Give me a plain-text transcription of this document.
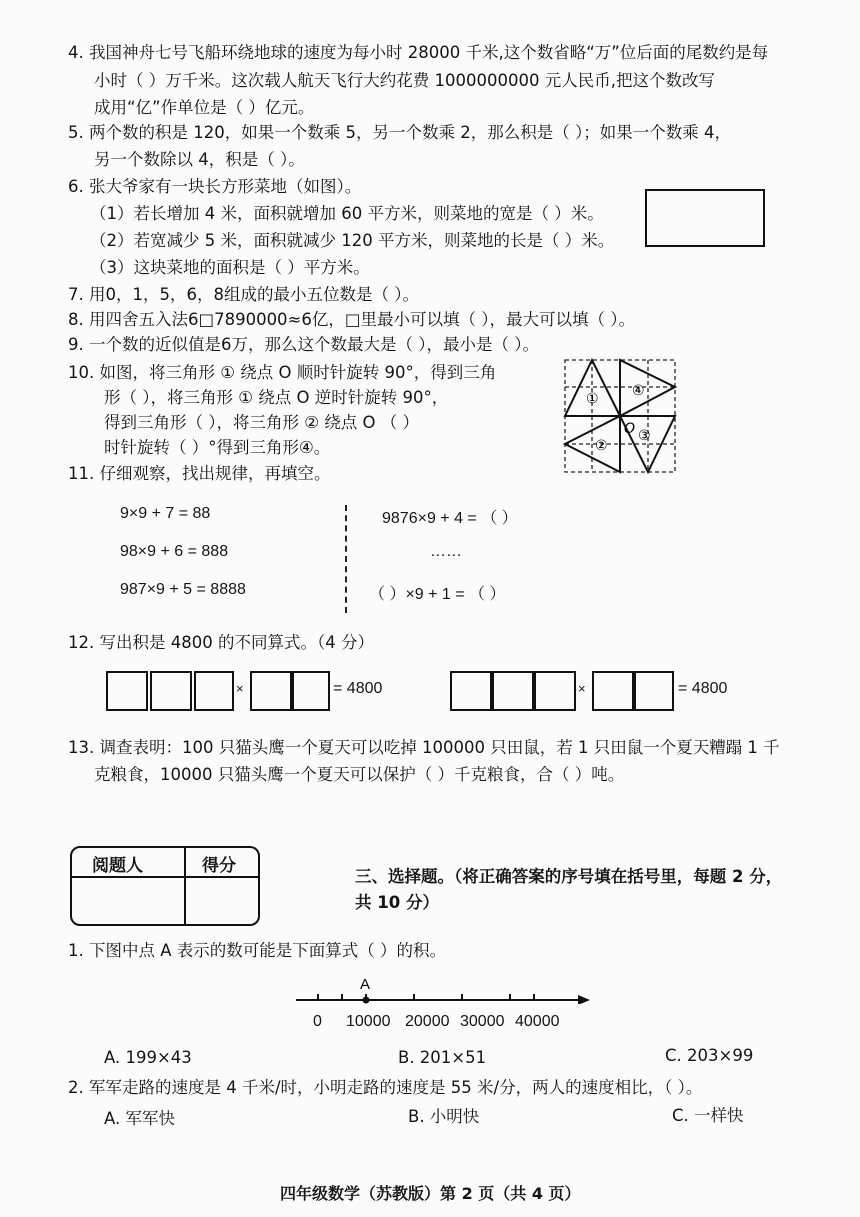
4. 我国神舟七号飞船环绕地球的速度为每小时 28000 千米,这个数省略“万”位后面的尾数约是每
小时（ ）万千米。这次载人航天飞行大约花费 1000000000 元人民币,把这个数改写
成用“亿”作单位是（ ）亿元。
5. 两个数的积是 120，如果一个数乘 5，另一个数乘 2，那么积是（ ）；如果一个数乘 4，
另一个数除以 4，积是（ ）。
6. 张大爷家有一块长方形菜地（如图）。
（1）若长增加 4 米，面积就增加 60 平方米，则菜地的宽是（ ）米。
（2）若宽减少 5 米，面积就减少 120 平方米，则菜地的长是（ ）米。
（3）这块菜地的面积是（ ）平方米。
7. 用0，1，5，6，8组成的最小五位数是（ ）。
8. 用四舍五入法6□7890000≈6亿，□里最小可以填（ ），最大可以填（ ）。
9. 一个数的近似值是6万，那么这个数最大是（ ），最小是（ ）。
10. 如图，将三角形 ① 绕点 O 顺时针旋转 90°，得到三角
形（ ），将三角形 ① 绕点 O 逆时针旋转 90°，
得到三角形（ ），将三角形 ② 绕点 O （ ）
时针旋转（ ）°得到三角形④。
① ④
②
O ③
11. 仔细观察，找出规律，再填空。
9×9 + 7 = 88
98×9 + 6 = 888
987×9 + 5 = 8888
9876×9 + 4 = （ ）
……
（ ）×9 + 1 = （ ）
12. 写出积是 4800 的不同算式。（4 分）
×	= 4800	×	= 4800
13. 调查表明：100 只猫头鹰一个夏天可以吃掉 100000 只田鼠，若 1 只田鼠一个夏天糟蹋 1 千
克粮食，10000 只猫头鹰一个夏天可以保护（ ）千克粮食，合（ ）吨。
阅题人	得分
三、选择题。（将正确答案的序号填在括号里，每题 2 分，
共 10 分）
1. 下图中点 A 表示的数可能是下面算式（ ）的积。
A
0 10000 20000 30000 40000
A. 199×43	B. 201×51	C. 203×99
2. 军军走路的速度是 4 千米/时，小明走路的速度是 55 米/分，两人的速度相比，（ ）。
A. 军军快	B. 小明快	C. 一样快
四年级数学（苏教版）第 2 页（共 4 页）
